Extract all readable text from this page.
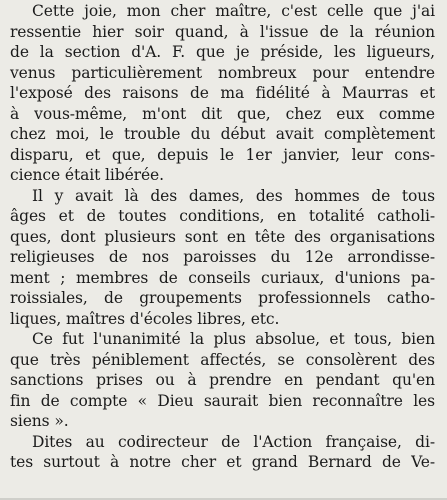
Cette joie, mon cher maître, c'est celle que j'ai
ressentie hier soir quand, à l'issue de la réunion
de la section d'A. F. que je préside, les ligueurs,
venus particulièrement nombreux pour entendre
l'exposé des raisons de ma fidélité à Maurras et
à vous-même, m'ont dit que, chez eux comme
chez moi, le trouble du début avait complètement
disparu, et que, depuis le 1er janvier, leur cons-
cience était libérée.
Il y avait là des dames, des hommes de tous
âges et de toutes conditions, en totalité catholi-
ques, dont plusieurs sont en tête des organisations
religieuses de nos paroisses du 12e arrondisse-
ment ; membres de conseils curiaux, d'unions pa-
roissiales, de groupements professionnels catho-
liques, maîtres d'écoles libres, etc.
Ce fut l'unanimité la plus absolue, et tous, bien
que très péniblement affectés, se consolèrent des
sanctions prises ou à prendre en pendant qu'en
fin de compte « Dieu saurait bien reconnaître les
siens ».
Dites au codirecteur de l'Action française, di-
tes surtout à notre cher et grand Bernard de Ve-
